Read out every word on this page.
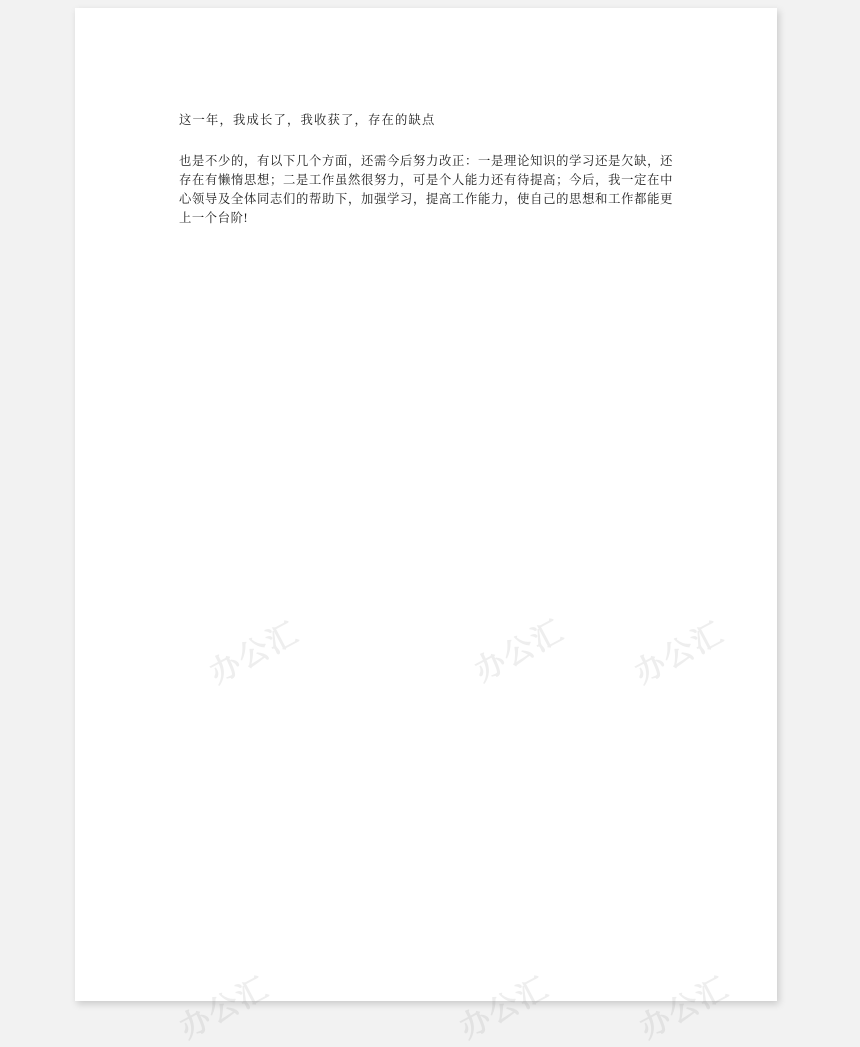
这一年，我成长了，我收获了，存在的缺点

也是不少的，有以下几个方面，还需今后努力改正：一是理论知识的学习还是欠缺，还存在有懒惰思想；二是工作虽然很努力，可是个人能力还有待提高；今后，我一定在中心领导及全体同志们的帮助下，加强学习，提高工作能力，使自己的思想和工作都能更上一个台阶!

办公汇	办公汇 办公汇
办公汇	办公汇	办公汇
